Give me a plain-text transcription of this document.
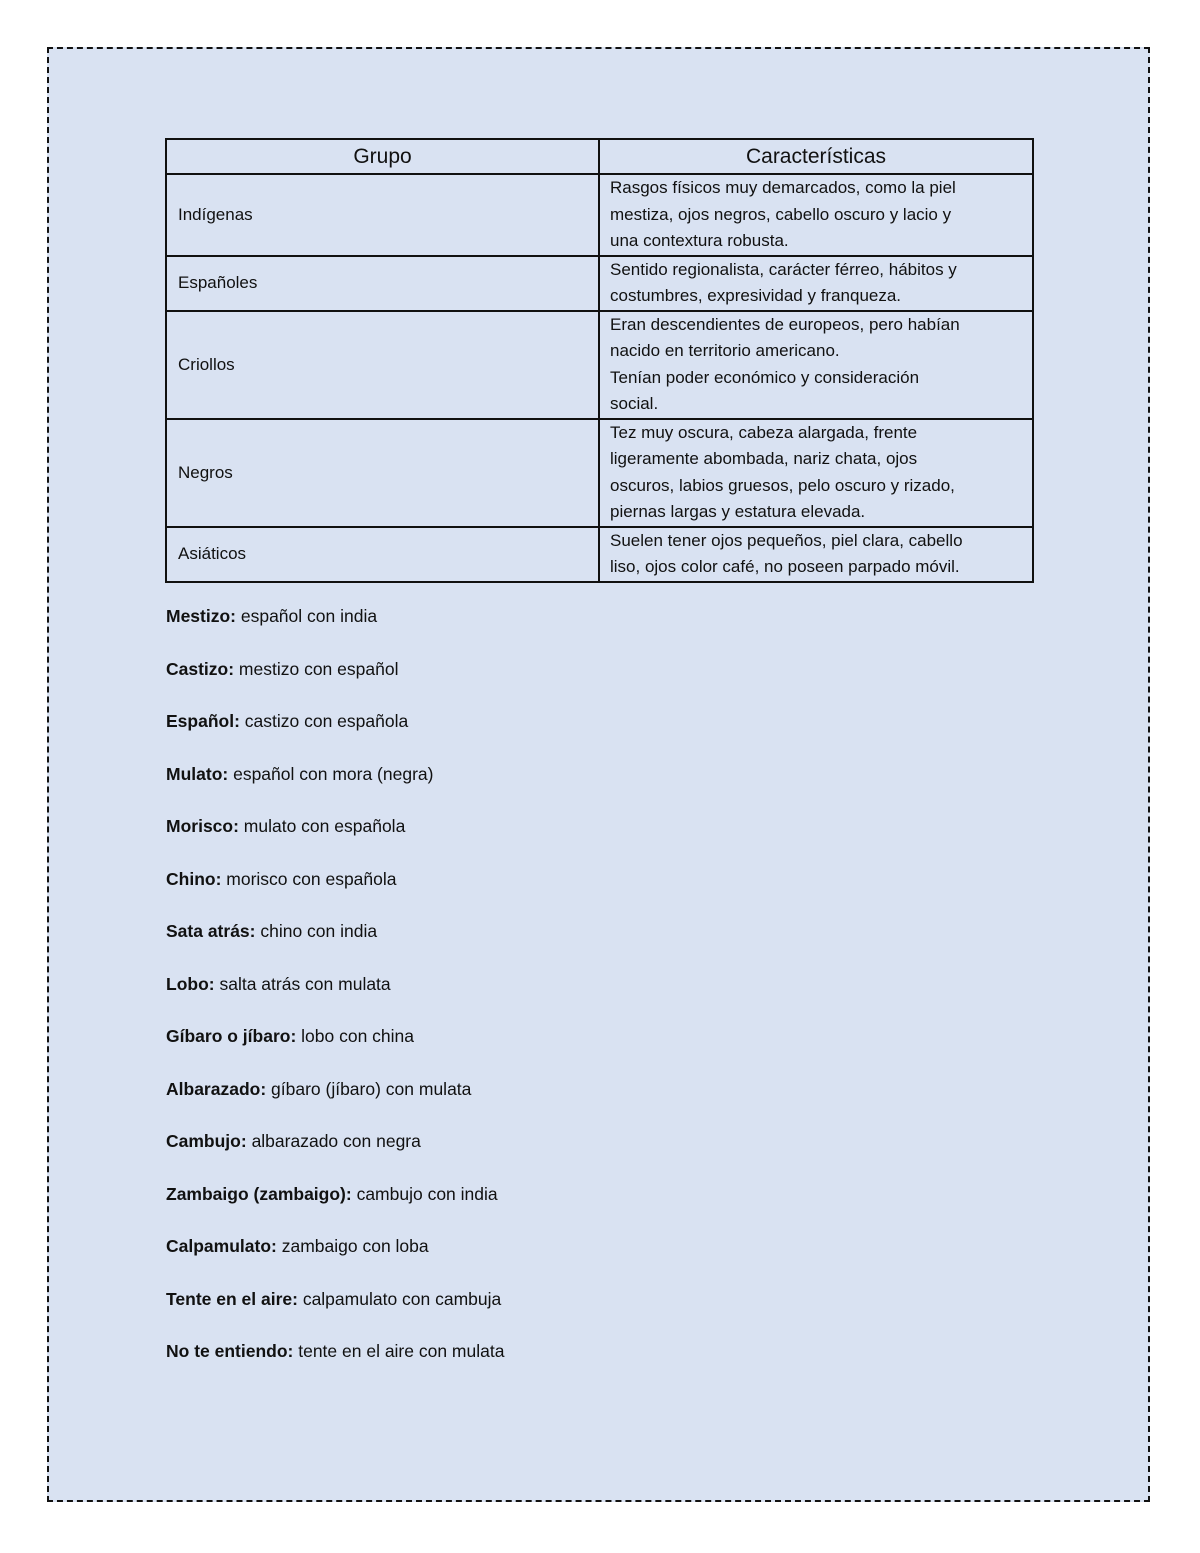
Grupo	Características
Indígenas	Rasgos físicos muy demarcados, como la piel
mestiza, ojos negros, cabello oscuro y lacio y
una contextura robusta.

Españoles	Sentido regionalista, carácter férreo, hábitos y
costumbres, expresividad y franqueza.

Criollos	Eran descendientes de europeos, pero habían
nacido en territorio americano.
Tenían poder económico y consideración
social.

Negros	Tez muy oscura, cabeza alargada, frente
ligeramente abombada, nariz chata, ojos
oscuros, labios gruesos, pelo oscuro y rizado,
piernas largas y estatura elevada.

Asiáticos	Suelen tener ojos pequeños, piel clara, cabello
liso, ojos color café, no poseen parpado móvil.
Mestizo: español con india
Castizo: mestizo con español
Español: castizo con española
Mulato: español con mora (negra)
Morisco: mulato con española
Chino: morisco con española
Sata atrás: chino con india
Lobo: salta atrás con mulata
Gíbaro o jíbaro: lobo con china
Albarazado: gíbaro (jíbaro) con mulata
Cambujo: albarazado con negra
Zambaigo (zambaigo): cambujo con india
Calpamulato: zambaigo con loba
Tente en el aire: calpamulato con cambuja
No te entiendo: tente en el aire con mulata
